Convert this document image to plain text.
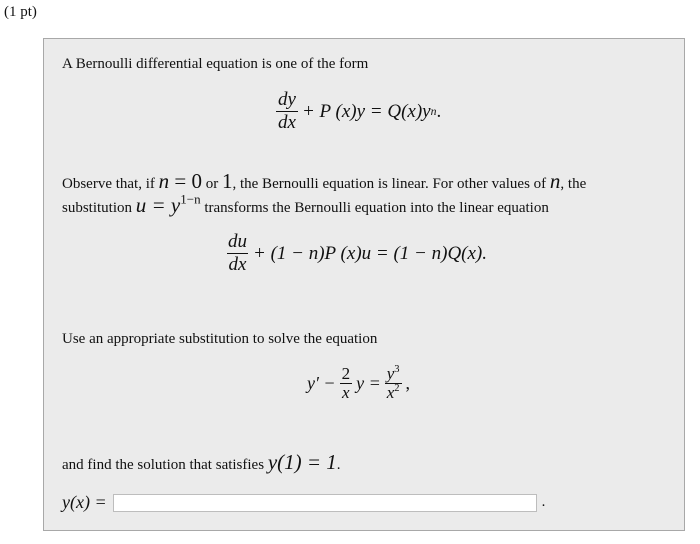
(1 pt)
A Bernoulli differential equation is one of the form
$\frac{dy}{dx} + P$ (x)y = Q(x)y n .
Observe that, if n = 0 or 1, the Bernoulli equation is linear. For other values of n, the
substitution $u = y^{1-n}$ transforms the Bernoulli equation into the linear equation
$\frac{du}{dx} + (1 - n)P$ (x)u = (1 − n)Q(x).
Use an appropriate substitution to solve the equation
$y' - \frac{2}{x}$ $y = \frac{y^3}{x^2}$ ,
and find the solution that satisfies y(1) = 1.
y(x) =	.
